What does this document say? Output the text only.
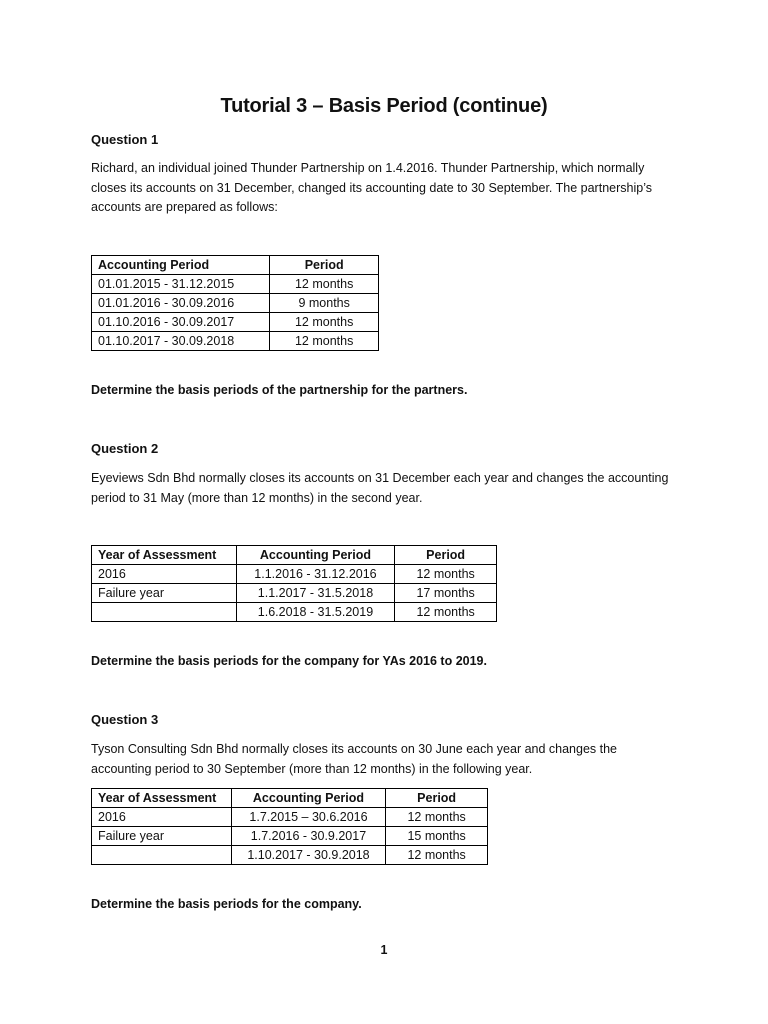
Tutorial 3 – Basis Period (continue)
Question 1
Richard, an individual joined Thunder Partnership on 1.4.2016. Thunder Partnership, which normally closes its accounts on 31 December, changed its accounting date to 30 September. The partnership’s accounts are prepared as follows:
Accounting Period	Period
01.01.2015 - 31.12.2015	12 months
01.01.2016 - 30.09.2016	9 months
01.10.2016 - 30.09.2017	12 months
01.10.2017 - 30.09.2018	12 months
Determine the basis periods of the partnership for the partners.
Question 2
Eyeviews Sdn Bhd normally closes its accounts on 31 December each year and changes the accounting period to 31 May (more than 12 months) in the second year.
Year of Assessment	Accounting Period	Period
2016	1.1.2016 - 31.12.2016	12 months
Failure year	1.1.2017 - 31.5.2018	17 months
	1.6.2018 - 31.5.2019	12 months
Determine the basis periods for the company for YAs 2016 to 2019.
Question 3
Tyson Consulting Sdn Bhd normally closes its accounts on 30 June each year and changes the accounting period to 30 September (more than 12 months) in the following year.
Year of Assessment	Accounting Period	Period
2016	1.7.2015 – 30.6.2016	12 months
Failure year	1.7.2016 - 30.9.2017	15 months
	1.10.2017 - 30.9.2018	12 months
Determine the basis periods for the company.
1
